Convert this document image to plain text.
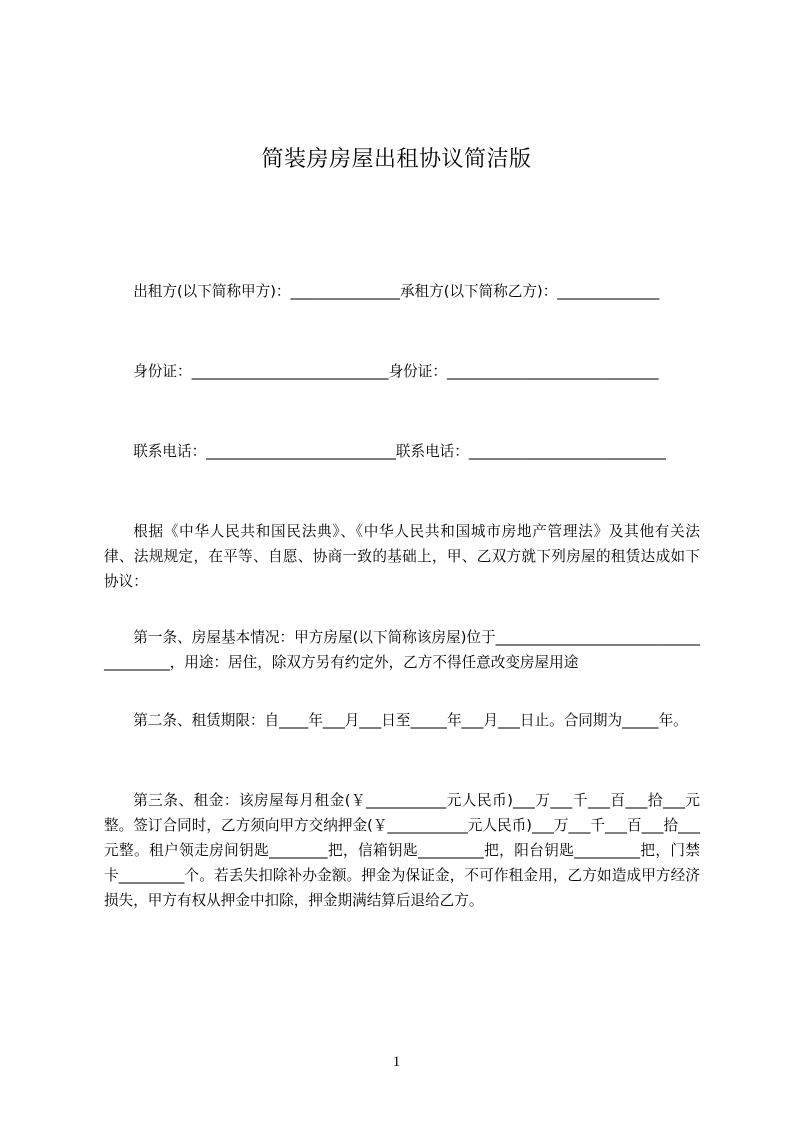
简装房房屋出租协议简洁版

出租方(以下简称甲方)：_______________承租方(以下简称乙方)：______________

身份证：___________________________身份证：_____________________________

联系电话：__________________________联系电话：___________________________

根据《中华人民共和国民法典》、《中华人民共和国城市房地产管理法》及其他有关法律、法规规定，在平等、自愿、协商一致的基础上，甲、乙双方就下列房屋的租赁达成如下协议：

第一条、房屋基本情况：甲方房屋(以下简称该房屋)位于_____________________________________，用途：居住，除双方另有约定外，乙方不得任意改变房屋用途

第二条、租赁期限：自____年___月___日至_____年___月___日止。合同期为_____年。

第三条、租金：该房屋每月租金(￥___________元人民币)___万___千___百___拾___元整。签订合同时，乙方须向甲方交纳押金(￥___________元人民币)___万___千___百___拾___元整。租户领走房间钥匙________把，信箱钥匙_________把，阳台钥匙_________把，门禁卡_________个。若丢失扣除补办金额。押金为保证金，不可作租金用，乙方如造成甲方经济损失，甲方有权从押金中扣除，押金期满结算后退给乙方。

1
